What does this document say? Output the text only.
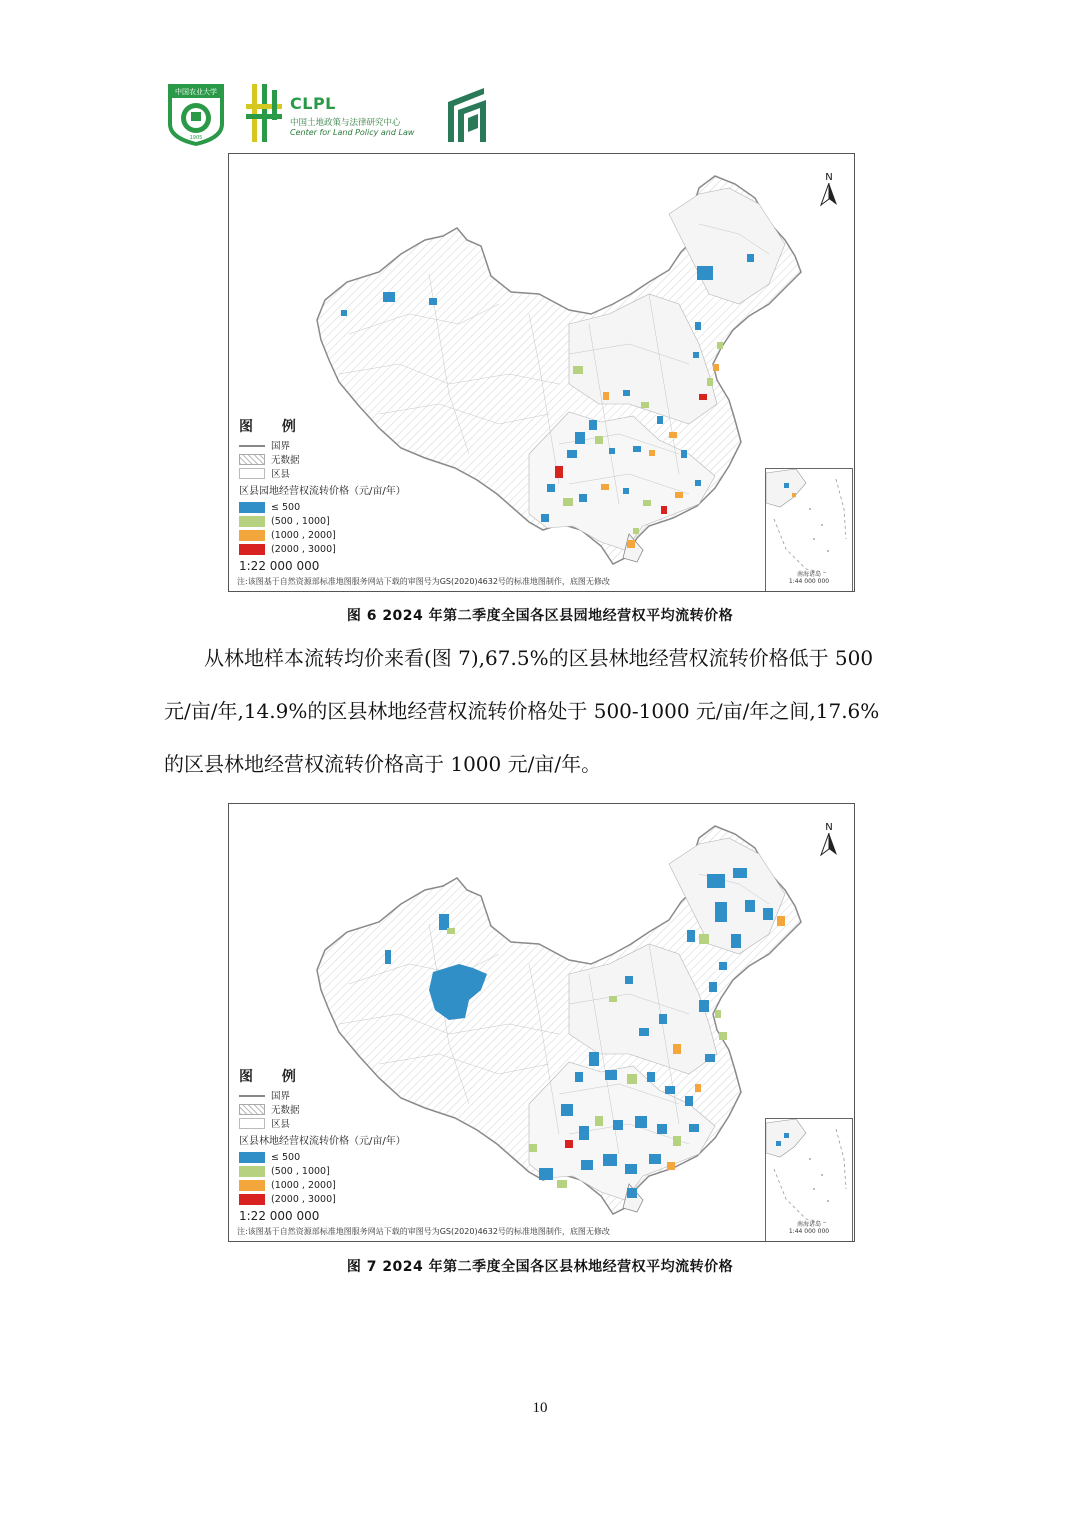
中国农业大学
1905
CLPL
中国土地政策与法律研究中心
Center for Land Policy and Law
N
图 例
国界
无数据
区县
区县园地经营权流转价格（元/亩/年）
≤ 500
(500 , 1000]
(1000 , 2000]
(2000 , 3000]
1:22 000 000
注:该图基于自然资源部标准地图服务网站下载的审图号为GS(2020)4632号的标准地图制作，底图无修改
南海诸岛
1:44 000 000
图 6 2024 年第二季度全国各区县园地经营权平均流转价格
从林地样本流转均价来看(图 7),67.5%的区县林地经营权流转价格低于 500
元/亩/年,14.9%的区县林地经营权流转价格处于 500-1000 元/亩/年之间,17.6%
的区县林地经营权流转价格高于 1000 元/亩/年。
N
图 例
国界
无数据
区县
区县林地经营权流转价格（元/亩/年）
≤ 500
(500 , 1000]
(1000 , 2000]
(2000 , 3000]
1:22 000 000
注:该图基于自然资源部标准地图服务网站下载的审图号为GS(2020)4632号的标准地图制作，底图无修改
南海诸岛
1:44 000 000
图 7 2024 年第二季度全国各区县林地经营权平均流转价格
10
